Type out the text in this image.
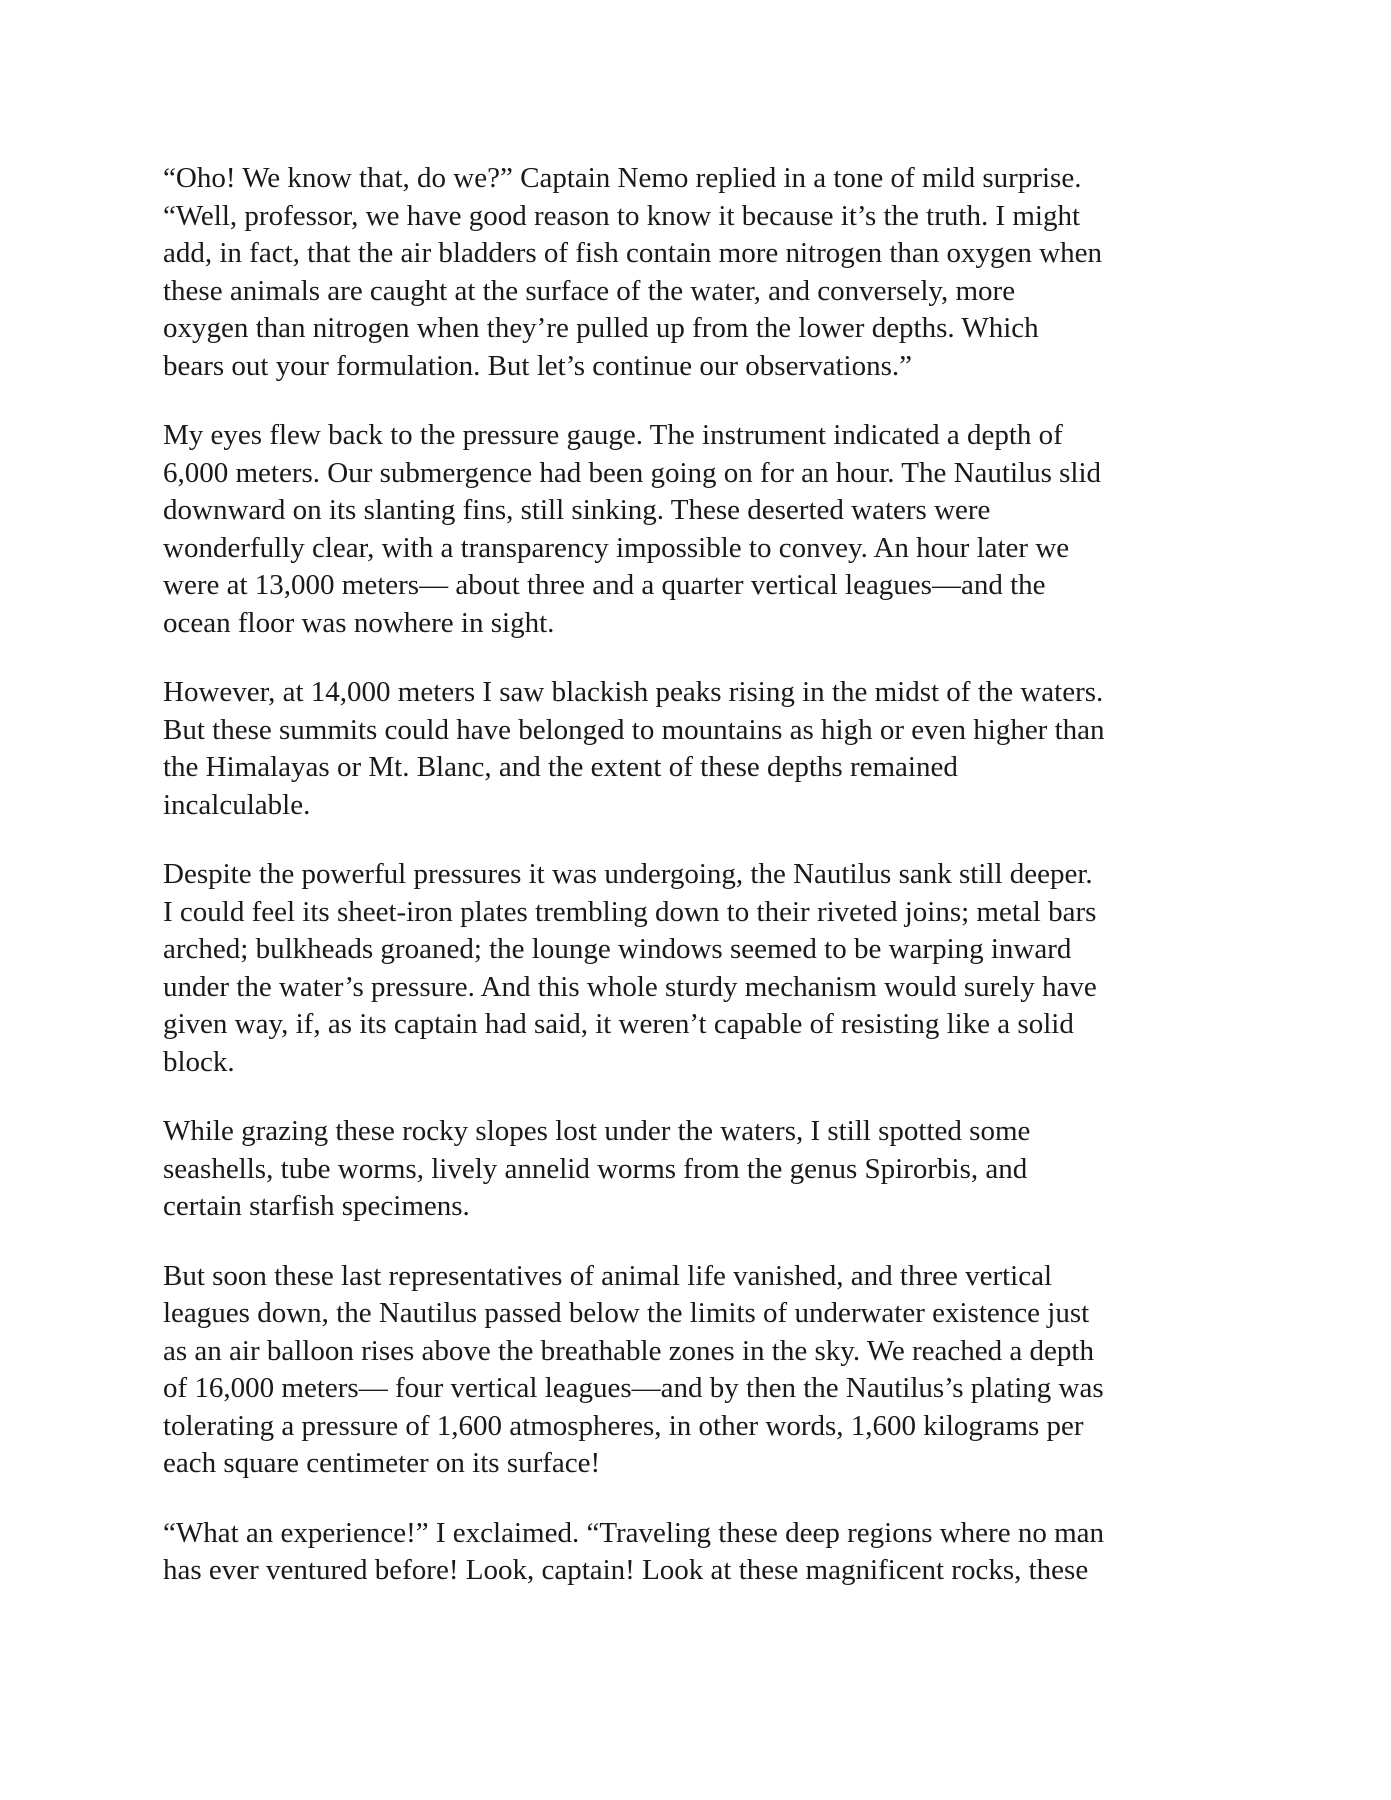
“Oho! We know that, do we?” Captain Nemo replied in a tone of mild surprise.
“Well, professor, we have good reason to know it because it’s the truth. I might
add, in fact, that the air bladders of fish contain more nitrogen than oxygen when
these animals are caught at the surface of the water, and conversely, more
oxygen than nitrogen when they’re pulled up from the lower depths. Which
bears out your formulation. But let’s continue our observations.”

My eyes flew back to the pressure gauge. The instrument indicated a depth of
6,000 meters. Our submergence had been going on for an hour. The Nautilus slid
downward on its slanting fins, still sinking. These deserted waters were
wonderfully clear, with a transparency impossible to convey. An hour later we
were at 13,000 meters— about three and a quarter vertical leagues—and the
ocean floor was nowhere in sight.

However, at 14,000 meters I saw blackish peaks rising in the midst of the waters.
But these summits could have belonged to mountains as high or even higher than
the Himalayas or Mt. Blanc, and the extent of these depths remained
incalculable.

Despite the powerful pressures it was undergoing, the Nautilus sank still deeper.
I could feel its sheet-iron plates trembling down to their riveted joins; metal bars
arched; bulkheads groaned; the lounge windows seemed to be warping inward
under the water’s pressure. And this whole sturdy mechanism would surely have
given way, if, as its captain had said, it weren’t capable of resisting like a solid
block.

While grazing these rocky slopes lost under the waters, I still spotted some
seashells, tube worms, lively annelid worms from the genus Spirorbis, and
certain starfish specimens.

But soon these last representatives of animal life vanished, and three vertical
leagues down, the Nautilus passed below the limits of underwater existence just
as an air balloon rises above the breathable zones in the sky. We reached a depth
of 16,000 meters— four vertical leagues—and by then the Nautilus’s plating was
tolerating a pressure of 1,600 atmospheres, in other words, 1,600 kilograms per
each square centimeter on its surface!

“What an experience!” I exclaimed. “Traveling these deep regions where no man
has ever ventured before! Look, captain! Look at these magnificent rocks, these
